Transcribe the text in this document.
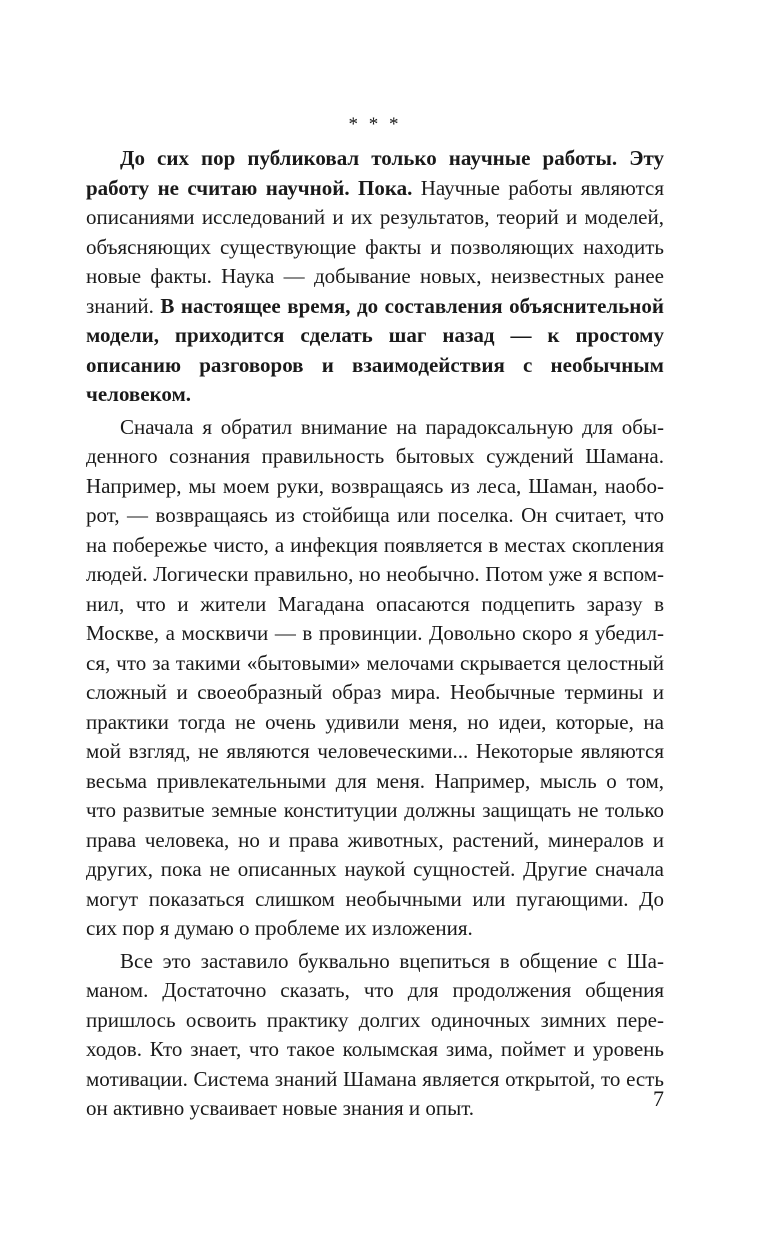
* * *

До сих пор публиковал только научные работы. Эту работу не считаю научной. Пока. Научные работы являются описаниями исследований и их результатов, теорий и моделей, объясняющих существующие факты и позволяющих находить новые факты. Наука — добывание новых, неизвестных ранее знаний. В настоящее время, до составления объяснительной модели, приходится сделать шаг назад — к простому описанию разговоров и взаимодействия с необычным человеком.

Сначала я обратил внимание на парадоксальную для обыденного сознания правильность бытовых суждений Шамана. Например, мы моем руки, возвращаясь из леса, Шаман, наоборот, — возвращаясь из стойбища или поселка. Он считает, что на побережье чисто, а инфекция появляется в местах скопления людей. Логически правильно, но необычно. Потом уже я вспомнил, что и жители Магадана опасаются подцепить заразу в Москве, а москвичи — в провинции. Довольно скоро я убедился, что за такими «бытовыми» мелочами скрывается целостный сложный и своеобразный образ мира. Необычные термины и практики тогда не очень удивили меня, но идеи, которые, на мой взгляд, не являются человеческими... Некоторые являются весьма привлекательными для меня. Например, мысль о том, что развитые земные конституции должны защищать не только права человека, но и права животных, растений, минералов и других, пока не описанных наукой сущностей. Другие сначала могут показаться слишком необычными или пугающими. До сих пор я думаю о проблеме их изложения.

Все это заставило буквально вцепиться в общение с Шаманом. Достаточно сказать, что для продолжения общения пришлось освоить практику долгих одиночных зимних переходов. Кто знает, что такое колымская зима, поймет и уровень мотивации. Система знаний Шамана является открытой, то есть он активно усваивает новые знания и опыт.	7
